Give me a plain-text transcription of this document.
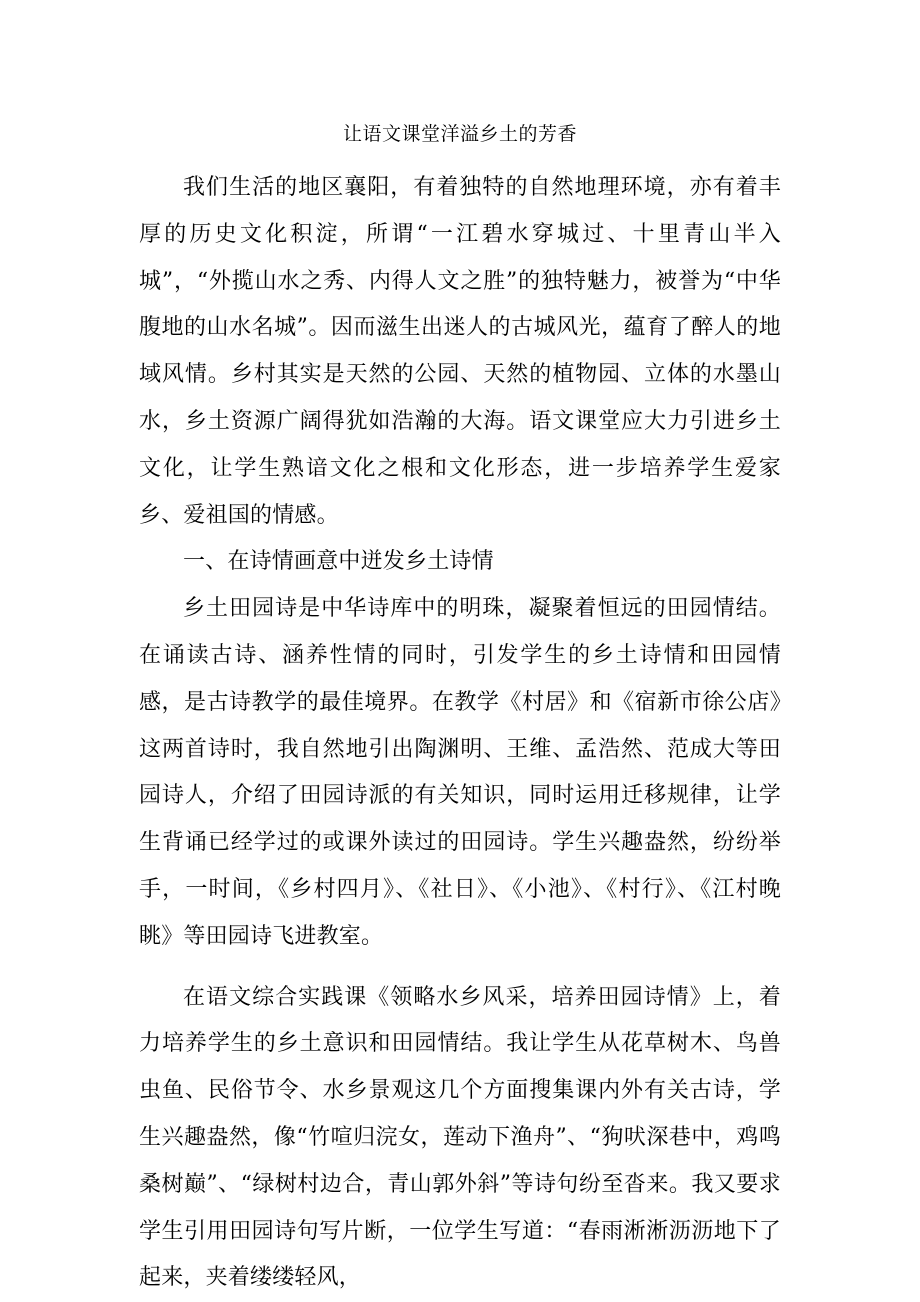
让语文课堂洋溢乡土的芳香

我们生活的地区襄阳，有着独特的自然地理环境，亦有着丰厚的历史文化积淀，所谓“一江碧水穿城过、十里青山半入城”，“外揽山水之秀、内得人文之胜”的独特魅力，被誉为“中华腹地的山水名城”。因而滋生出迷人的古城风光，蕴育了醉人的地域风情。乡村其实是天然的公园、天然的植物园、立体的水墨山水，乡土资源广阔得犹如浩瀚的大海。语文课堂应大力引进乡土文化，让学生熟谙文化之根和文化形态，进一步培养学生爱家乡、爱祖国的情感。

一、在诗情画意中迸发乡土诗情

乡土田园诗是中华诗库中的明珠，凝聚着恒远的田园情结。在诵读古诗、涵养性情的同时，引发学生的乡土诗情和田园情感，是古诗教学的最佳境界。在教学《村居》和《宿新市徐公店》这两首诗时，我自然地引出陶渊明、王维、孟浩然、范成大等田园诗人，介绍了田园诗派的有关知识，同时运用迁移规律，让学生背诵已经学过的或课外读过的田园诗。学生兴趣盎然，纷纷举手，一时间，《乡村四月》、《社日》、《小池》、《村行》、《江村晚眺》等田园诗飞进教室。

在语文综合实践课《领略水乡风采，培养田园诗情》上，着力培养学生的乡土意识和田园情结。我让学生从花草树木、鸟兽虫鱼、民俗节令、水乡景观这几个方面搜集课内外有关古诗，学生兴趣盎然，像“竹喧归浣女，莲动下渔舟”、“狗吠深巷中，鸡鸣桑树巅”、“绿树村边合，青山郭外斜”等诗句纷至沓来。我又要求学生引用田园诗句写片断，一位学生写道：“春雨淅淅沥沥地下了起来，夹着缕缕轻风，
